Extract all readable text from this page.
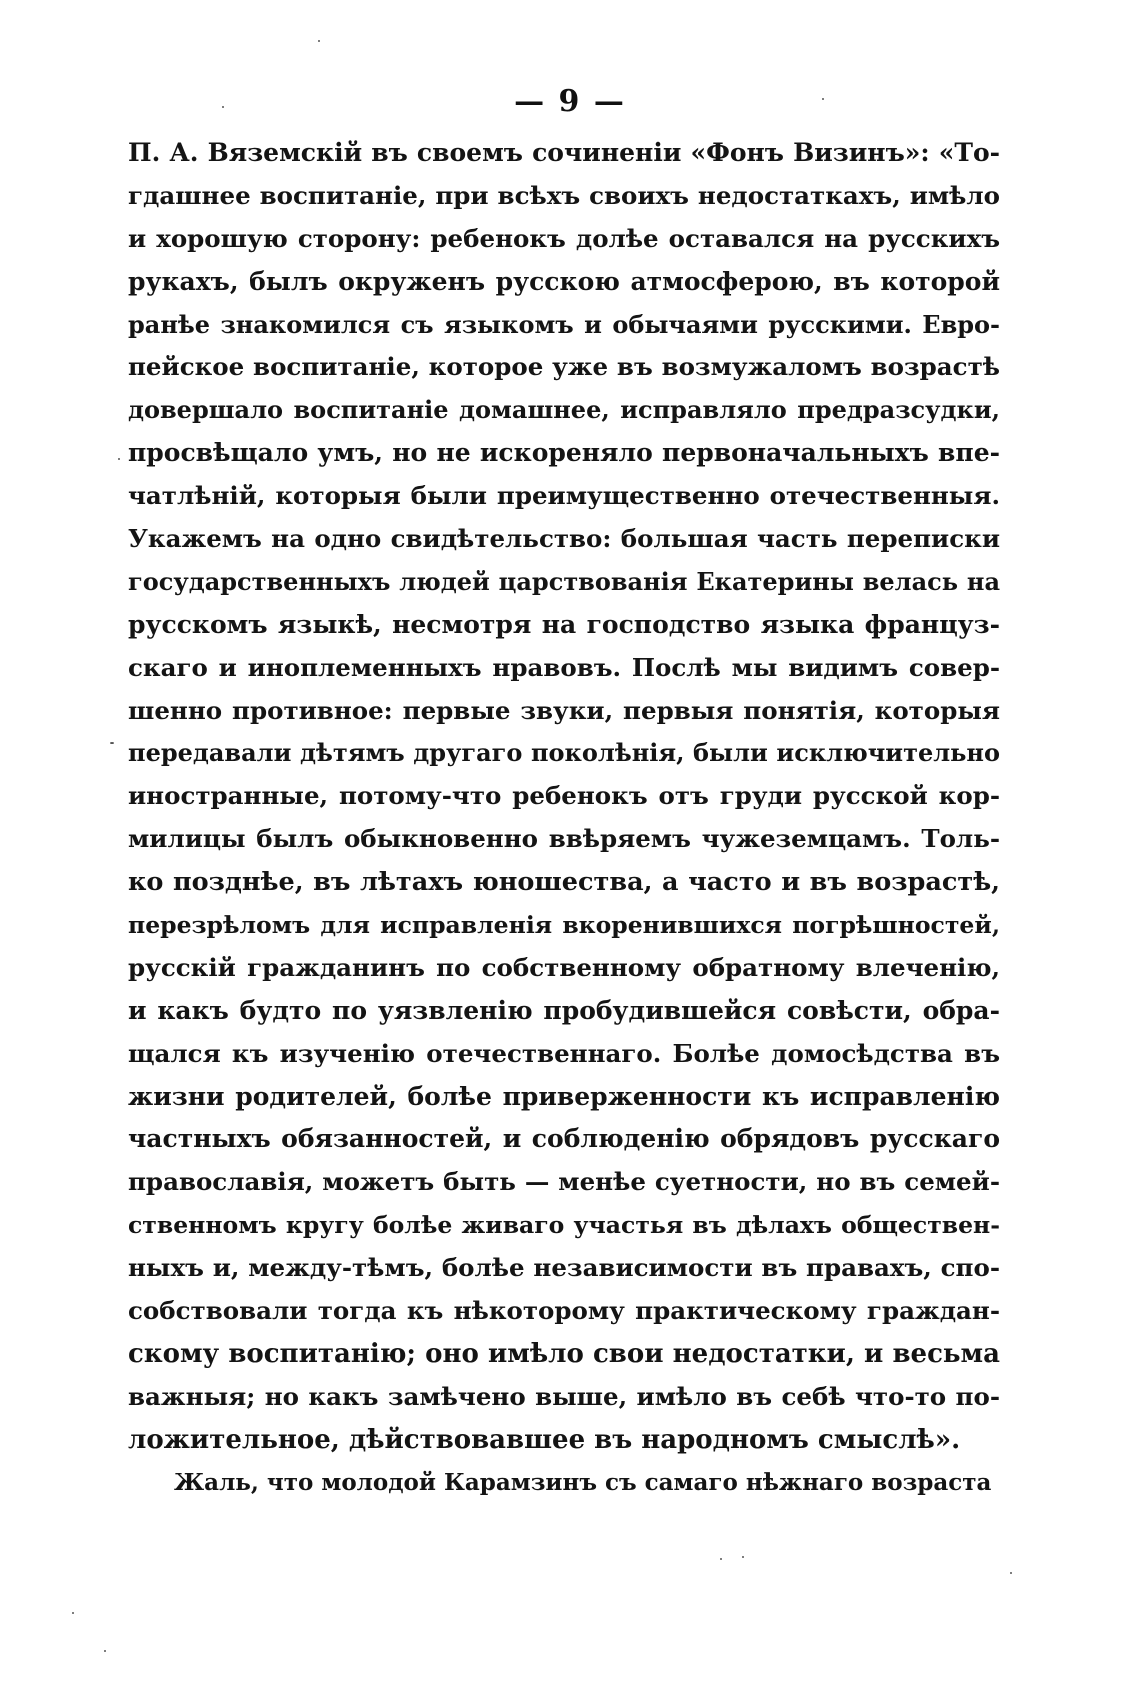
— 9 —
П. А. Вяземскій въ своемъ сочиненіи «Фонъ Визинъ»: «То-
гдашнее воспитаніе, при всѣхъ своихъ недостаткахъ, имѣло
и хорошую сторону: ребенокъ долѣе оставался на русскихъ
рукахъ, былъ окруженъ русскою атмосферою, въ которой
ранѣе знакомился съ языкомъ и обычаями русскими. Евро-
пейское воспитаніе, которое уже въ возмужаломъ возрастѣ
довершало воспитаніе домашнее, исправляло предразсудки,
просвѣщало умъ, но не искореняло первоначальныхъ впе-
чатлѣній, которыя были преимущественно отечественныя.
Укажемъ на одно свидѣтельство: большая часть переписки
государственныхъ людей царствованія Екатерины велась на
русскомъ языкѣ, несмотря на господство языка француз-
скаго и иноплеменныхъ нравовъ. Послѣ мы видимъ совер-
шенно противное: первые звуки, первыя понятія, которыя
передавали дѣтямъ другаго поколѣнія, были исключительно
иностранные, потому-что ребенокъ отъ груди русской кор-
милицы былъ обыкновенно ввѣряемъ чужеземцамъ. Толь-
ко позднѣе, въ лѣтахъ юношества, а часто и въ возрастѣ,
перезрѣломъ для исправленія вкоренившихся погрѣшностей,
русскій гражданинъ по собственному обратному влеченію,
и какъ будто по уязвленію пробудившейся совѣсти, обра-
щался къ изученію отечественнаго. Болѣе домосѣдства въ
жизни родителей, болѣе приверженности къ исправленію
частныхъ обязанностей, и соблюденію обрядовъ русскаго
православія, можетъ быть — менѣе суетности, но въ семей-
ственномъ кругу болѣе живаго участья въ дѣлахъ обществен-
ныхъ и, между-тѣмъ, болѣе независимости въ правахъ, спо-
собствовали тогда къ нѣкоторому практическому граждан-
скому воспитанію; оно имѣло свои недостатки, и весьма
важныя; но какъ замѣчено выше, имѣло въ себѣ что-то по-
ложительное, дѣйствовавшее въ народномъ смыслѣ».
Жаль, что молодой Карамзинъ съ самаго нѣжнаго возраста
